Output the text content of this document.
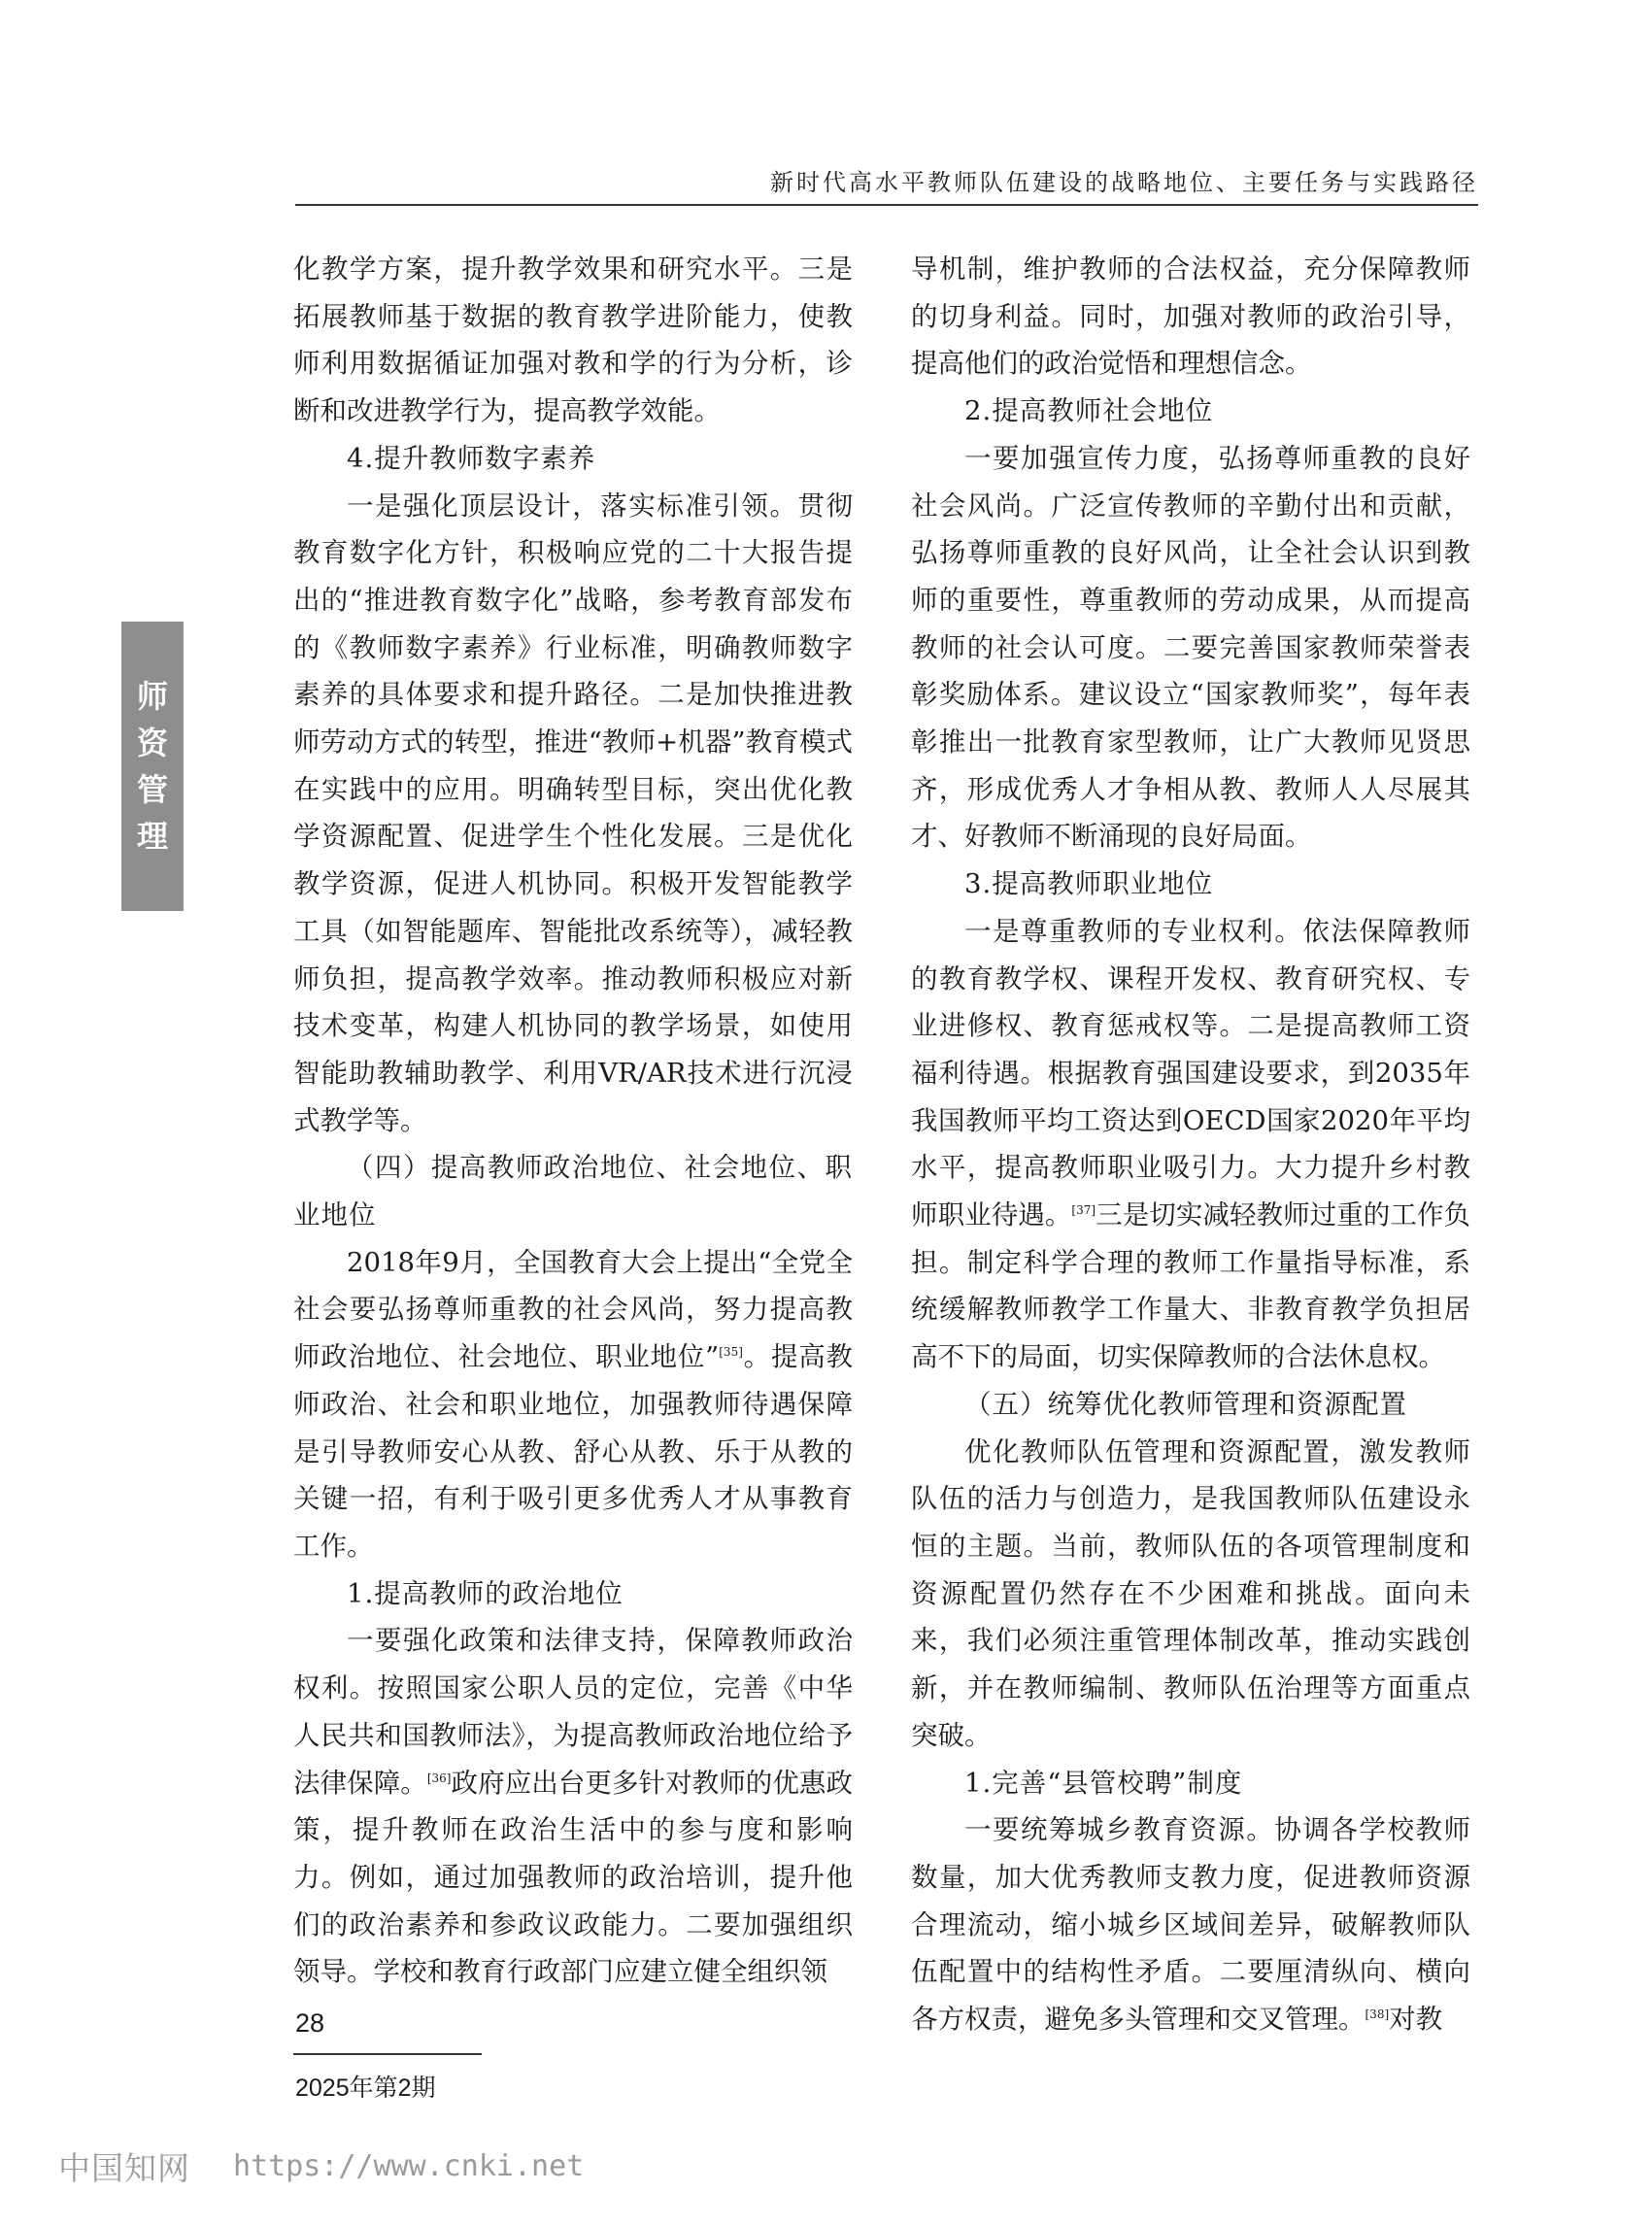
新时代高水平教师队伍建设的战略地位、主要任务与实践路径
师
资
管
理

化教学方案，提升教学效果和研究水平。三是拓展教师基于数据的教育教学进阶能力，使教师利用数据循证加强对教和学的行为分析，诊断和改进教学行为，提高教学效能。

4.提升教师数字素养

一是强化顶层设计，落实标准引领。贯彻教育数字化方针，积极响应党的二十大报告提出的“推进教育数字化”战略，参考教育部发布的《教师数字素养》行业标准，明确教师数字素养的具体要求和提升路径。二是加快推进教师劳动方式的转型，推进“教师+机器”教育模式在实践中的应用。明确转型目标，突出优化教学资源配置、促进学生个性化发展。三是优化教学资源，促进人机协同。积极开发智能教学工具（如智能题库、智能批改系统等），减轻教师负担，提高教学效率。推动教师积极应对新技术变革，构建人机协同的教学场景，如使用智能助教辅助教学、利用VR/AR技术进行沉浸式教学等。

（四）提高教师政治地位、社会地位、职业地位

2018年9月，全国教育大会上提出“全党全社会要弘扬尊师重教的社会风尚，努力提高教师政治地位、社会地位、职业地位”[35]。提高教师政治、社会和职业地位，加强教师待遇保障是引导教师安心从教、舒心从教、乐于从教的关键一招，有利于吸引更多优秀人才从事教育工作。

1.提高教师的政治地位

一要强化政策和法律支持，保障教师政治权利。按照国家公职人员的定位，完善《中华人民共和国教师法》，为提高教师政治地位给予法律保障。[36]政府应出台更多针对教师的优惠政策，提升教师在政治生活中的参与度和影响力。例如，通过加强教师的政治培训，提升他们的政治素养和参政议政能力。二要加强组织领导。学校和教育行政部门应建立健全组织领

导机制，维护教师的合法权益，充分保障教师的切身利益。同时，加强对教师的政治引导，提高他们的政治觉悟和理想信念。

2.提高教师社会地位

一要加强宣传力度，弘扬尊师重教的良好社会风尚。广泛宣传教师的辛勤付出和贡献，弘扬尊师重教的良好风尚，让全社会认识到教师的重要性，尊重教师的劳动成果，从而提高教师的社会认可度。二要完善国家教师荣誉表彰奖励体系。建议设立“国家教师奖”，每年表彰推出一批教育家型教师，让广大教师见贤思齐，形成优秀人才争相从教、教师人人尽展其才、好教师不断涌现的良好局面。

3.提高教师职业地位

一是尊重教师的专业权利。依法保障教师的教育教学权、课程开发权、教育研究权、专业进修权、教育惩戒权等。二是提高教师工资福利待遇。根据教育强国建设要求，到2035年我国教师平均工资达到OECD国家2020年平均水平，提高教师职业吸引力。大力提升乡村教师职业待遇。[37]三是切实减轻教师过重的工作负担。制定科学合理的教师工作量指导标准，系统缓解教师教学工作量大、非教育教学负担居高不下的局面，切实保障教师的合法休息权。

（五）统筹优化教师管理和资源配置

优化教师队伍管理和资源配置，激发教师队伍的活力与创造力，是我国教师队伍建设永恒的主题。当前，教师队伍的各项管理制度和资源配置仍然存在不少困难和挑战。面向未来，我们必须注重管理体制改革，推动实践创新，并在教师编制、教师队伍治理等方面重点突破。

1.完善“县管校聘”制度

一要统筹城乡教育资源。协调各学校教师数量，加大优秀教师支教力度，促进教师资源合理流动，缩小城乡区域间差异，破解教师队伍配置中的结构性矛盾。二要厘清纵向、横向各方权责，避免多头管理和交叉管理。[38]对教

28
2025年第2期
中国知网 https://www.cnki.net
